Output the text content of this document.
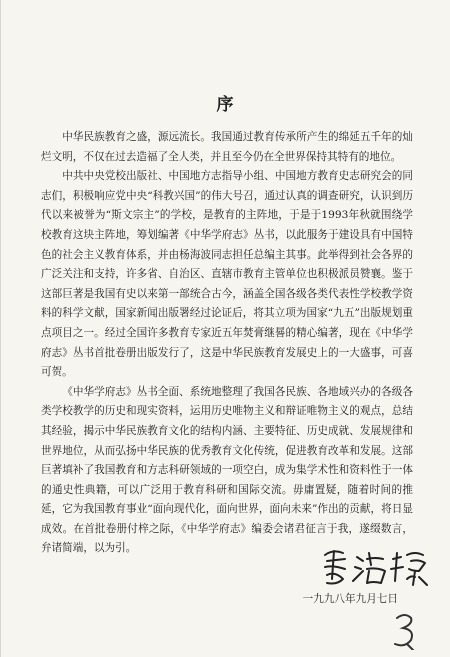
序

中华民族教育之盛，源远流长。我国通过教育传承所产生的绵延五千年的灿烂文明，不仅在过去造福了全人类，并且至今仍在全世界保持其特有的地位。

中共中央党校出版社、中国地方志指导小组、中国地方教育史志研究会的同志们，积极响应党中央“科教兴国”的伟大号召，通过认真的调查研究，认识到历代以来被誉为“斯文宗主”的学校，是教育的主阵地，于是于1993年秋就围绕学校教育这块主阵地，筹划编著《中华学府志》丛书，以此服务于建设具有中国特色的社会主义教育体系，并由杨海波同志担任总编主其事。此举得到社会各界的广泛关注和支持，许多省、自治区、直辖市教育主管单位也积极派员赞襄。鉴于这部巨著是我国有史以来第一部统合古今，涵盖全国各级各类代表性学校教学资料的科学文献，国家新闻出版署经过论证后，将其立项为国家“九五”出版规划重点项目之一。经过全国许多教育专家近五年焚膏继晷的精心编著，现在《中华学府志》丛书首批卷册出版发行了，这是中华民族教育发展史上的一大盛事，可喜可贺。

《中华学府志》丛书全面、系统地整理了我国各民族、各地域兴办的各级各类学校教学的历史和现实资料，运用历史唯物主义和辩证唯物主义的观点，总结其经验，揭示中华民族教育文化的结构内涵、主要特征、历史成就、发展规律和世界地位，从而弘扬中华民族的优秀教育文化传统，促进教育改革和发展。这部巨著填补了我国教育和方志科研领域的一项空白，成为集学术性和资料性于一体的通史性典籍，可以广泛用于教育科研和国际交流。毋庸置疑，随着时间的推延，它为我国教育事业“面向现代化，面向世界，面向未来”作出的贡献，将日显成效。在首批卷册付梓之际，《中华学府志》编委会诸君征言于我，遂缀数言，弁诸简端，以为引。

一九九八年九月七日
